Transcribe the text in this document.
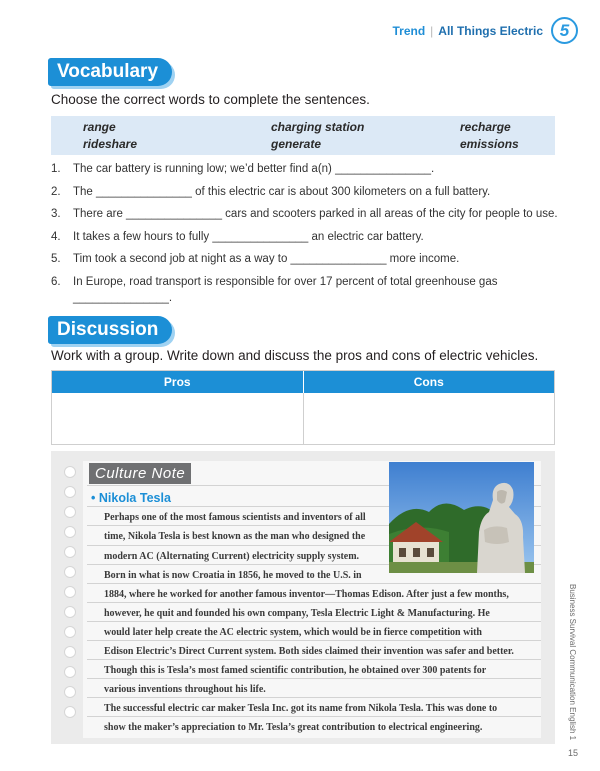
Trend | All Things Electric 5
Vocabulary
Choose the correct words to complete the sentences.
range	charging station	recharge
rideshare	generate	emissions
1. The car battery is running low; we’d better find a(n) _______________.
2. The _______________ of this electric car is about 300 kilometers on a full battery.
3. There are _______________ cars and scooters parked in all areas of the city for people to use.
4. It takes a few hours to fully _______________ an electric car battery.
5. Tim took a second job at night as a way to _______________ more income.
6. In Europe, road transport is responsible for over 17 percent of total greenhouse gas
_______________.
Discussion
Work with a group. Write down and discuss the pros and cons of electric vehicles.
Pros	Cons
Culture Note
• Nikola Tesla
Perhaps one of the most famous scientists and inventors of all
time, Nikola Tesla is best known as the man who designed the
modern AC (Alternating Current) electricity supply system.
Born in what is now Croatia in 1856, he moved to the U.S. in
1884, where he worked for another famous inventor—Thomas Edison. After just a few months,
however, he quit and founded his own company, Tesla Electric Light & Manufacturing. He
would later help create the AC electric system, which would be in fierce competition with
Edison Electric’s Direct Current system. Both sides claimed their invention was safer and better.
Though this is Tesla’s most famed scientific contribution, he obtained over 300 patents for
various inventions throughout his life.
The successful electric car maker Tesla Inc. got its name from Nikola Tesla. This was done to
show the maker’s appreciation to Mr. Tesla’s great contribution to electrical engineering.	Business Survival Communication English 1
15
